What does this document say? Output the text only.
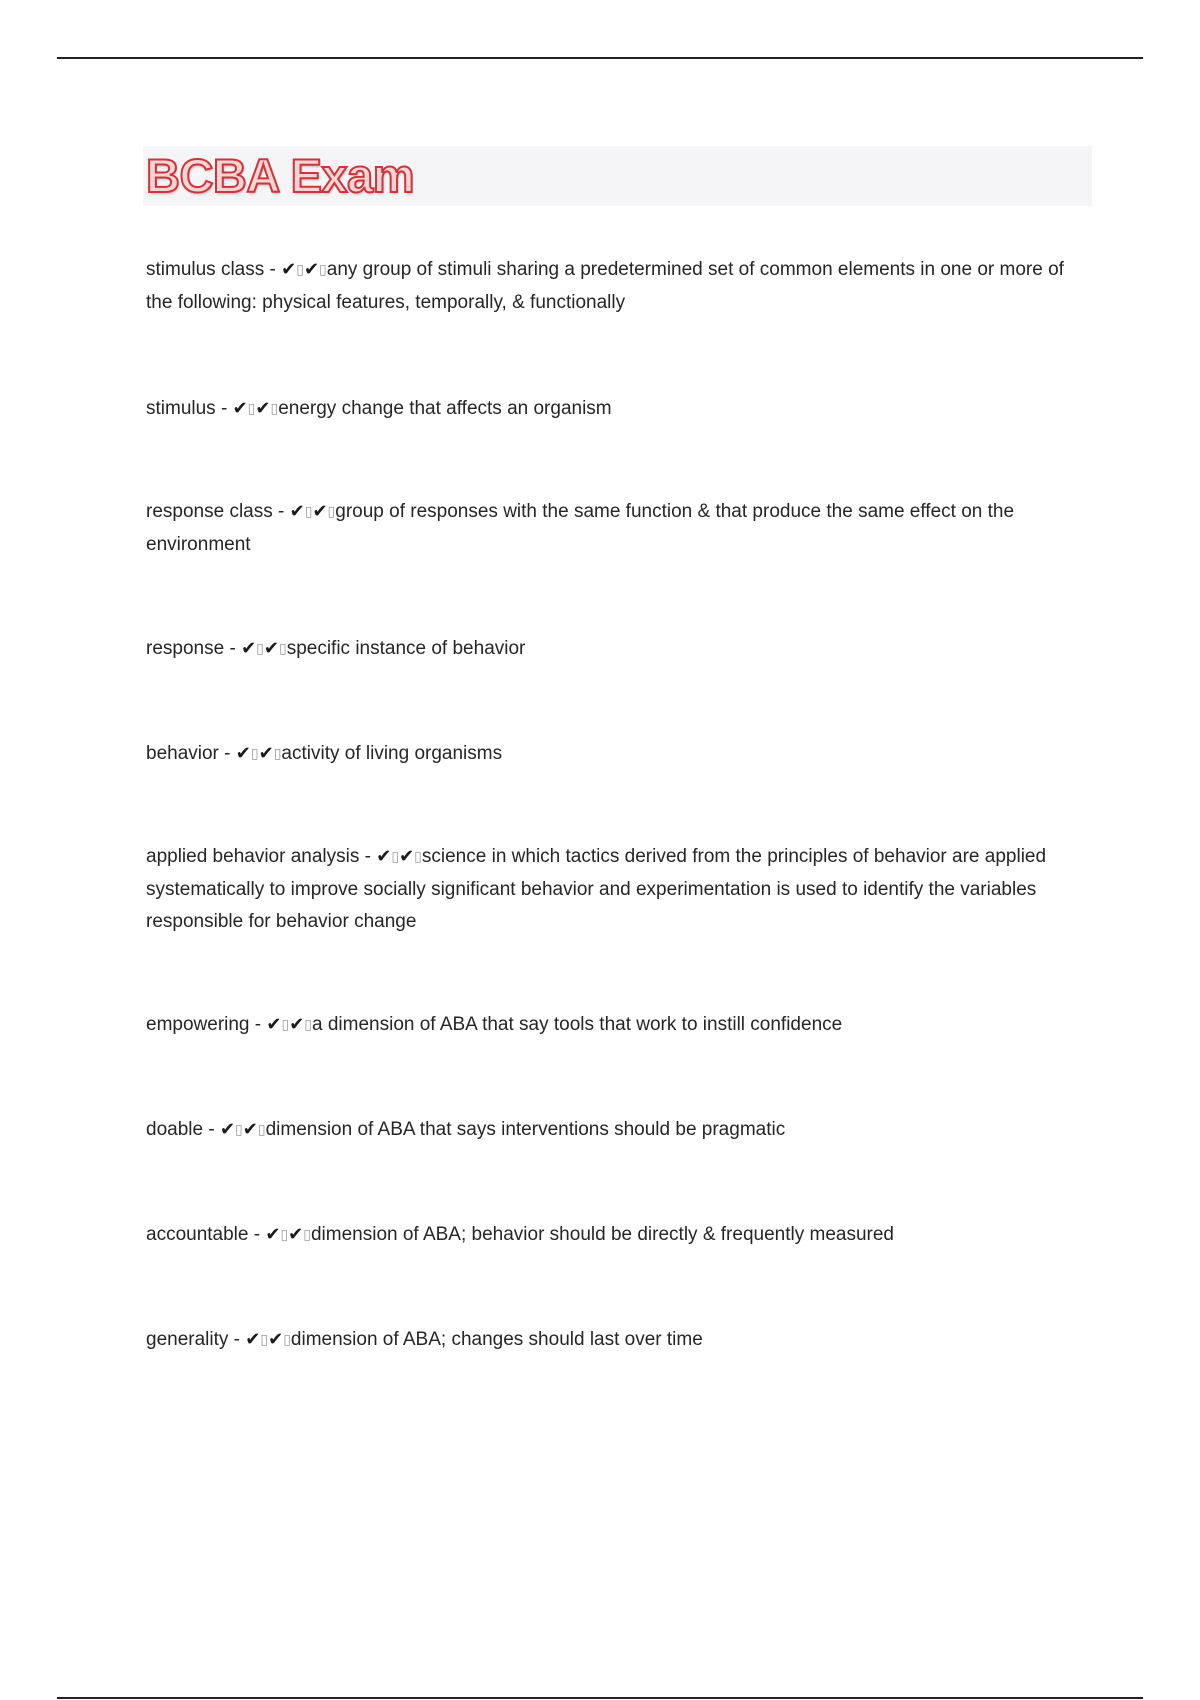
BCBA Exam

stimulus class - ✔▯✔▯any group of stimuli sharing a predetermined set of common elements in one or more of the following: physical features, temporally, & functionally

stimulus - ✔▯✔▯energy change that affects an organism

response class - ✔▯✔▯group of responses with the same function & that produce the same effect on the environment

response - ✔▯✔▯specific instance of behavior

behavior - ✔▯✔▯activity of living organisms

applied behavior analysis - ✔▯✔▯science in which tactics derived from the principles of behavior are applied systematically to improve socially significant behavior and experimentation is used to identify the variables responsible for behavior change

empowering - ✔▯✔▯a dimension of ABA that say tools that work to instill confidence

doable - ✔▯✔▯dimension of ABA that says interventions should be pragmatic

accountable - ✔▯✔▯dimension of ABA; behavior should be directly & frequently measured

generality - ✔▯✔▯dimension of ABA; changes should last over time
